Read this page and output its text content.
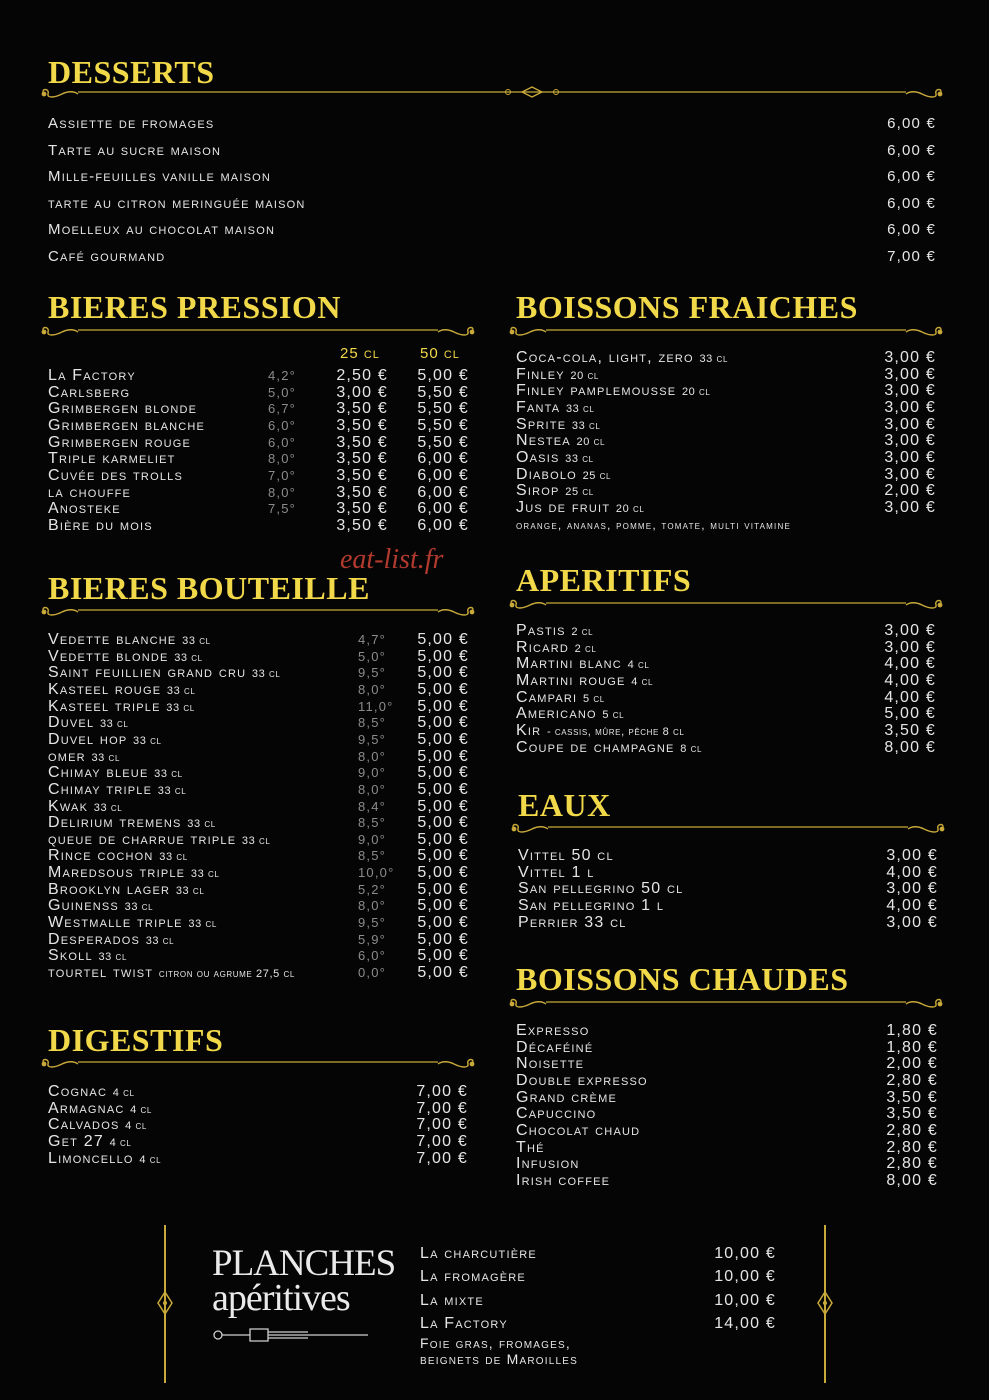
eat-list.fr
DESSERTS
Assiette de fromages	6,00 €
Tarte au sucre maison	6,00 €
Mille-feuilles vanille maison	6,00 €
tarte au citron meringuée maison	6,00 €
Moelleux au chocolat maison	6,00 €
Café gourmand	7,00 €
BIERES PRESSION
25 cl	50 cl
La Factory	4,2°	2,50 € 5,00 €
Carlsberg	5,0°	3,00 € 5,50 €
Grimbergen blonde	6,7°	3,50 € 5,50 €
Grimbergen blanche	6,0°	3,50 € 5,50 €
Grimbergen rouge	6,0°	3,50 € 5,50 €
Triple karmeliet	8,0°	3,50 € 6,00 €
Cuvée des trolls	7,0°	3,50 € 6,00 €
la chouffe	8,0°	3,50 € 6,00 €
Anosteke	7,5°	3,50 € 6,00 €
Bière du mois	3,50 € 6,00 €
BOISSONS FRAICHES
Coca-cola, light, zero 33 cl	3,00 €
Finley 20 cl	3,00 €
Finley pamplemousse 20 cl	3,00 €
Fanta 33 cl	3,00 €
Sprite 33 cl	3,00 €
Nestea 20 cl	3,00 €
Oasis 33 cl	3,00 €
Diabolo 25 cl	3,00 €
Sirop 25 cl	2,00 €
Jus de fruit 20 cl	3,00 €
orange, ananas, pomme, tomate, multi vitamine
BIERES BOUTEILLE
Vedette blanche 33 cl	4,7° 5,00 €
Vedette blonde 33 cl	5,0° 5,00 €
Saint feuillien grand cru 33 cl	9,5° 5,00 €
Kasteel rouge 33 cl	8,0° 5,00 €
Kasteel triple 33 cl	11,0° 5,00 €
Duvel 33 cl	8,5° 5,00 €
Duvel hop 33 cl	9,5° 5,00 €
omer 33 cl	8,0° 5,00 €
Chimay bleue 33 cl	9,0° 5,00 €
Chimay triple 33 cl	8,0° 5,00 €
Kwak 33 cl	8,4° 5,00 €
Delirium tremens 33 cl	8,5° 5,00 €
queue de charrue triple 33 cl	9,0° 5,00 €
Rince cochon 33 cl	8,5° 5,00 €
Maredsous triple 33 cl	10,0° 5,00 €
Brooklyn lager 33 cl	5,2° 5,00 €
Guinenss 33 cl	8,0° 5,00 €
Westmalle triple 33 cl	9,5° 5,00 €
Desperados 33 cl	5,9° 5,00 €
Skoll 33 cl	6,0° 5,00 €
tourtel twist citron ou agrume 27,5 cl	0,0° 5,00 €
APERITIFS
Pastis 2 cl	3,00 €
Ricard 2 cl	3,00 €
Martini blanc 4 cl	4,00 €
Martini rouge 4 cl	4,00 €
Campari 5 cl	4,00 €
Americano 5 cl	5,00 €
Kir - cassis, mûre, pêche 8 cl	3,50 €
Coupe de champagne 8 cl	8,00 €
EAUX
Vittel 50 cl	3,00 €
Vittel 1 l	4,00 €
San pellegrino 50 cl	3,00 €
San pellegrino 1 l	4,00 €
Perrier 33 cl	3,00 €
DIGESTIFS
Cognac 4 cl	7,00 €
Armagnac 4 cl	7,00 €
Calvados 4 cl	7,00 €
Get 27 4 cl	7,00 €
Limoncello 4 cl	7,00 €
BOISSONS CHAUDES
Expresso	1,80 €
Décaféiné	1,80 €
Noisette	2,00 €
Double expresso	2,80 €
Grand crème	3,50 €
Capuccino	3,50 €
Chocolat chaud	2,80 €
Thé	2,80 €
Infusion	2,80 €
Irish coffee	8,00 €
PLANCHES
apéritives
La charcutière	10,00 €
La fromagère	10,00 €
La mixte	10,00 €
La Factory	14,00 €
Foie gras, fromages,
beignets de Maroilles
